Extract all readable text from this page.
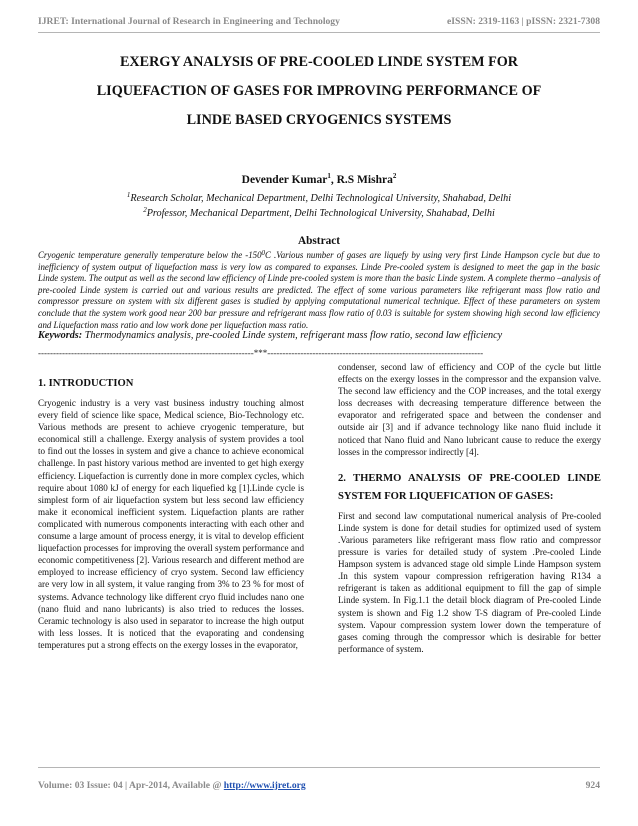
IJRET: International Journal of Research in Engineering and Technology	eISSN: 2319-1163 | pISSN: 2321-7308
EXERGY ANALYSIS OF PRE-COOLED LINDE SYSTEM FOR
LIQUEFACTION OF GASES FOR IMPROVING PERFORMANCE OF
LINDE BASED CRYOGENICS SYSTEMS
Devender Kumar$^1$, R.S Mishra$^2$
$^1$Research Scholar, Mechanical Department, Delhi Technological University, Shahabad, Delhi
$^2$Professor, Mechanical Department, Delhi Technological University, Shahabad, Delhi
Abstract

Cryogenic temperature generally temperature below the $-150^0C$ .Various number of gases are liquefy by using very first Linde Hampson cycle but due to inefficiency of system output of liquefaction mass is very low as compared to expanses. Linde Pre-cooled system is designed to meet the gap in the basic Linde system. The output as well as the second law efficiency of Linde pre-cooled system is more than the basic Linde system. A complete thermo –analysis of pre-cooled Linde system is carried out and various results are predicted. The effect of some various parameters like refrigerant mass flow ratio and compressor pressure on system with six different gases is studied by applying computational numerical technique. Effect of these parameters on system conclude that the system work good near 200 bar pressure and refrigerant mass flow ratio of 0.03 is suitable for system showing high second law efficiency and Liquefaction mass ratio and low work done per liquefaction mass ratio.

Keywords: Thermodynamics analysis, pre-cooled Linde system, refrigerant mass flow ratio, second law efficiency
------------------------------------------------------------------------***------------------------------------------------------------------------
1. INTRODUCTION

Cryogenic industry is a very vast business industry touching almost every field of science like space, Medical science, Bio-Technology etc. Various methods are present to achieve cryogenic temperature, but economical still a challenge. Exergy analysis of system provides a tool to find out the losses in system and give a chance to achieve economical challenge. In past history various method are invented to get high exergy efficiency. Liquefaction is currently done in more complex cycles, which require about 1080 kJ of energy for each liquefied kg [1].Linde cycle is simplest form of air liquefaction system but less second law efficiency make it economical inefficient system. Liquefaction plants are rather complicated with numerous components interacting with each other and consume a large amount of process energy, it is vital to develop efficient liquefaction processes for improving the overall system performance and economic competitiveness [2]. Various research and different method are employed to increase efficiency of cryo system. Second law efficiency are very low in all system, it value ranging from 3% to 23 % for most of systems. Advance technology like different cryo fluid includes nano one (nano fluid and nano lubricants) is also tried to reduces the losses. Ceramic technology is also used in separator to increase the high output with less losses. It is noticed that the evaporating and condensing temperatures put a strong effects on the exergy losses in the evaporator,

condenser, second law of efficiency and COP of the cycle but little effects on the exergy losses in the compressor and the expansion valve. The second law efficiency and the COP increases, and the total exergy loss decreases with decreasing temperature difference between the evaporator and refrigerated space and between the condenser and outside air [3] and if advance technology like nano fluid include it noticed that Nano fluid and Nano lubricant cause to reduce the exergy losses in the compressor indirectly [4].

2. THERMO ANALYSIS OF PRE-COOLED LINDE SYSTEM FOR LIQUEFICATION OF GASES:

First and second law computational numerical analysis of Pre-cooled Linde system is done for detail studies for optimized used of system .Various parameters like refrigerant mass flow ratio and compressor pressure is varies for detailed study of system .Pre-cooled Linde Hampson system is advanced stage old simple Linde Hampson system .In this system vapour compression refrigeration having R134 a refrigerant is taken as additional equipment to fill the gap of simple Linde system. In Fig.1.1 the detail block diagram of Pre-cooled Linde system is shown and Fig 1.2 show T-S diagram of Pre-cooled Linde system. Vapour compression system lower down the temperature of gases coming through the compressor which is desirable for better performance of system.

Volume: 03 Issue: 04 | Apr-2014, Available @ http://www.ijret.org	924
